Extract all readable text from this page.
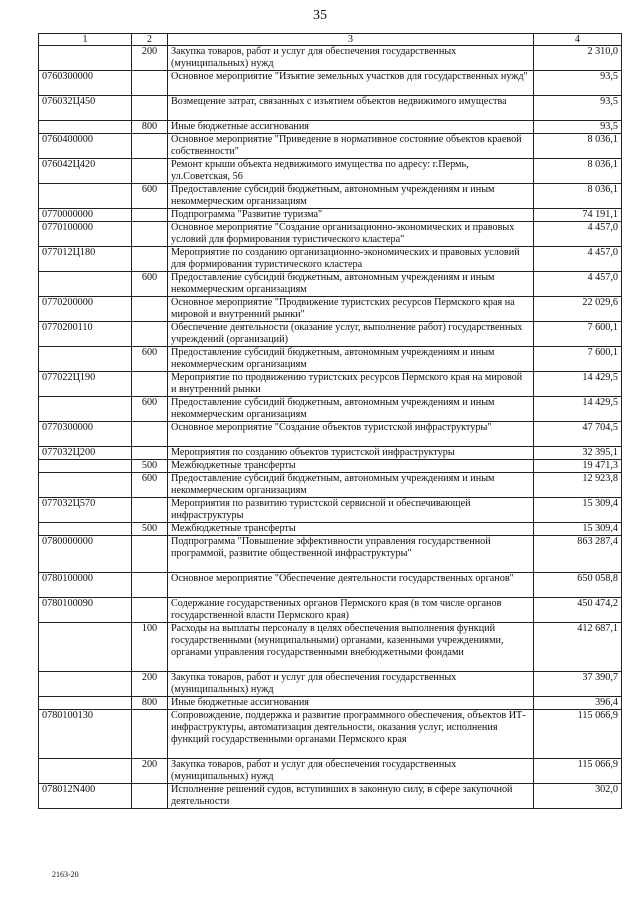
35
1	2	3	4
	200	Закупка товаров, работ и услуг для обеспечения государственных (муниципальных) нужд	2 310,0
0760300000		Основное мероприятие "Изъятие земельных участков для государственных нужд"	93,5
076032Ц450		Возмещение затрат, связанных с изъятием объектов недвижимого имущества	93,5
	800	Иные бюджетные ассигнования	93,5
0760400000		Основное мероприятие "Приведение в нормативное состояние объектов краевой собственности"	8 036,1
076042Ц420		Ремонт крыши объекта недвижимого имущества по адресу: г.Пермь, ул.Советская, 56	8 036,1
	600	Предоставление субсидий бюджетным, автономным учреждениям и иным некоммерческим организациям	8 036,1
0770000000		Подпрограмма "Развитие туризма"	74 191,1
0770100000		Основное мероприятие "Создание организационно-экономических и правовых условий для формирования туристического кластера"	4 457,0
077012Ц180		Мероприятие по созданию организационно-экономических и правовых условий для формирования туристического кластера	4 457,0
	600	Предоставление субсидий бюджетным, автономным учреждениям и иным некоммерческим организациям	4 457,0
0770200000		Основное мероприятие "Продвижение туристских ресурсов Пермского края на мировой и внутренний рынки"	22 029,6
0770200110		Обеспечение деятельности (оказание услуг, выполнение работ) государственных учреждений (организаций)	7 600,1
	600	Предоставление субсидий бюджетным, автономным учреждениям и иным некоммерческим организациям	7 600,1
077022Ц190		Мероприятие по продвижению туристских ресурсов Пермского края на мировой и внутренний рынки	14 429,5
	600	Предоставление субсидий бюджетным, автономным учреждениям и иным некоммерческим организациям	14 429,5
0770300000		Основное мероприятие "Создание объектов туристской инфраструктуры"	47 704,5
077032Ц200		Мероприятия по созданию объектов туристской инфраструктуры	32 395,1
	500	Межбюджетные трансферты	19 471,3
	600	Предоставление субсидий бюджетным, автономным учреждениям и иным некоммерческим организациям	12 923,8
077032Ц570		Мероприятия по развитию туристской сервисной и обеспечивающей инфраструктуры	15 309,4
	500	Межбюджетные трансферты	15 309,4
0780000000		Подпрограмма "Повышение эффективности управления государственной программой, развитие общественной инфраструктуры"	863 287,4
0780100000		Основное мероприятие "Обеспечение деятельности государственных органов"	650 058,8
0780100090		Содержание государственных органов Пермского края (в том числе органов государственной власти Пермского края)	450 474,2
	100	Расходы на выплаты персоналу в целях обеспечения выполнения функций государственными (муниципальными) органами, казенными учреждениями, органами управления государственными внебюджетными фондами	412 687,1
	200	Закупка товаров, работ и услуг для обеспечения государственных (муниципальных) нужд	37 390,7
	800	Иные бюджетные ассигнования	396,4
0780100130		Сопровождение, поддержка и развитие программного обеспечения, объектов ИТ-инфраструктуры, автоматизация деятельности, оказания услуг, исполнения функций государственными органами Пермского края	115 066,9
	200	Закупка товаров, работ и услуг для обеспечения государственных (муниципальных) нужд	115 066,9
078012N400		Исполнение решений судов, вступивших в законную силу, в сфере закупочной деятельности	302,0
2163-20
